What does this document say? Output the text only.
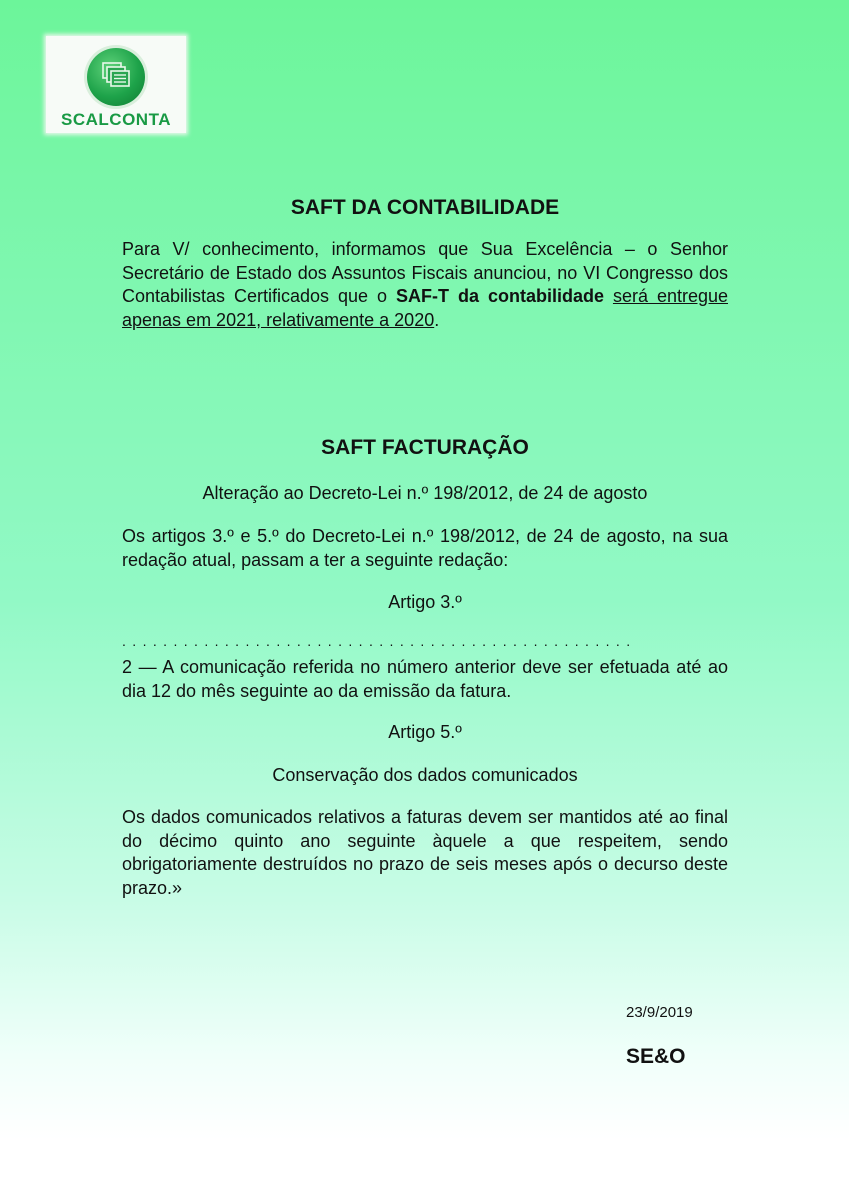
SCALCONTA
SAFT DA CONTABILIDADE
Para V/ conhecimento, informamos que Sua Excelência – o Senhor Secretário de Estado dos Assuntos Fiscais anunciou, no VI Congresso dos Contabilistas Certificados que o SAF-T da contabilidade será entregue apenas em 2021, relativamente a 2020.
SAFT FACTURAÇÃO
Alteração ao Decreto-Lei n.º 198/2012, de 24 de agosto
Os artigos 3.º e 5.º do Decreto-Lei n.º 198/2012, de 24 de agosto, na sua redação atual, passam a ter a seguinte redação:
Artigo 3.º
..................................................
2 — A comunicação referida no número anterior deve ser efetuada até ao dia 12 do mês seguinte ao da emissão da fatura.
Artigo 5.º
Conservação dos dados comunicados
Os dados comunicados relativos a faturas devem ser mantidos até ao final do décimo quinto ano seguinte àquele a que respeitem, sendo obrigatoriamente destruídos no prazo de seis meses após o decurso deste prazo.»
23/9/2019
SE&O
